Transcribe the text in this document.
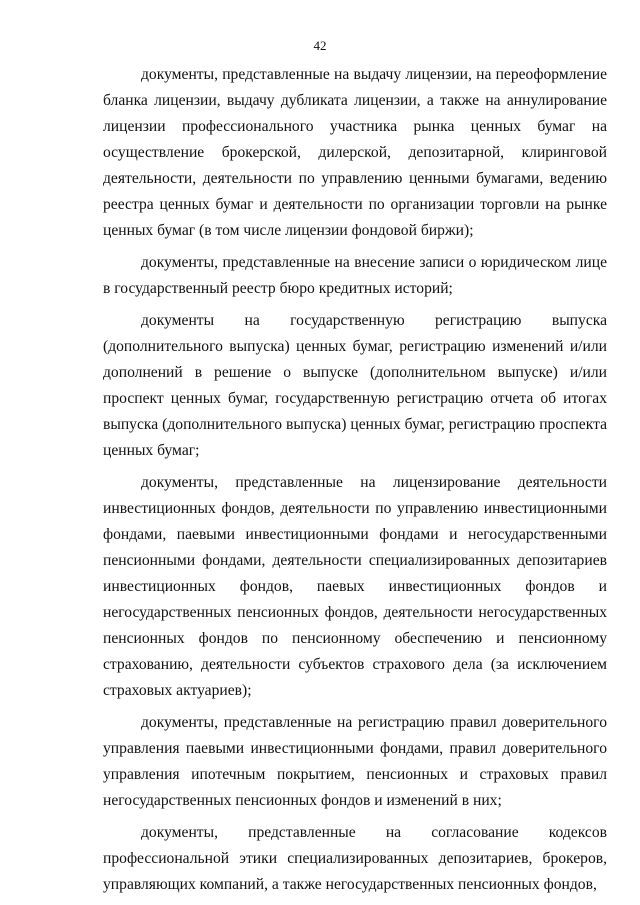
42

документы, представленные на выдачу лицензии, на переоформление бланка лицензии, выдачу дубликата лицензии, а также на аннулирование лицензии профессионального участника рынка ценных бумаг на осуществление брокерской, дилерской, депозитарной, клиринговой деятельности, деятельности по управлению ценными бумагами, ведению реестра ценных бумаг и деятельности по организации торговли на рынке ценных бумаг (в том числе лицензии фондовой биржи);

документы, представленные на внесение записи о юридическом лице в государственный реестр бюро кредитных историй;

документы на государственную регистрацию выпуска (дополнительного выпуска) ценных бумаг, регистрацию изменений и/или дополнений в решение о выпуске (дополнительном выпуске) и/или проспект ценных бумаг, государственную регистрацию отчета об итогах выпуска (дополнительного выпуска) ценных бумаг, регистрацию проспекта ценных бумаг;

документы, представленные на лицензирование деятельности инвестиционных фондов, деятельности по управлению инвестиционными фондами, паевыми инвестиционными фондами и негосударственными пенсионными фондами, деятельности специализированных депозитариев инвестиционных фондов, паевых инвестиционных фондов и негосударственных пенсионных фондов, деятельности негосударственных пенсионных фондов по пенсионному обеспечению и пенсионному страхованию, деятельности субъектов страхового дела (за исключением страховых актуариев);

документы, представленные на регистрацию правил доверительного управления паевыми инвестиционными фондами, правил доверительного управления ипотечным покрытием, пенсионных и страховых правил негосударственных пенсионных фондов и изменений в них;

документы, представленные на согласование кодексов профессиональной этики специализированных депозитариев, брокеров, управляющих компаний, а также негосударственных пенсионных фондов,
